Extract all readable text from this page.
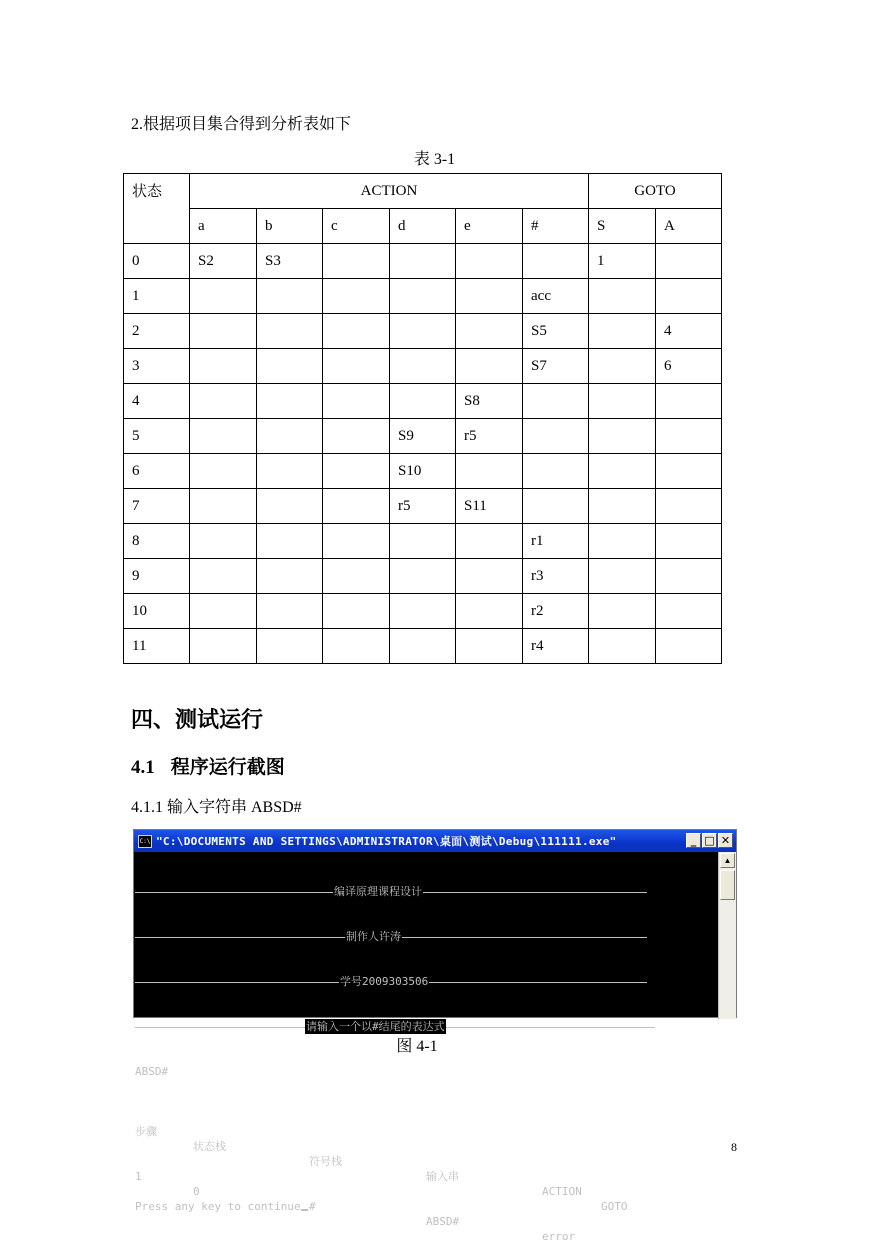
2.根据项目集合得到分析表如下
表 3-1
状态	ACTION						GOTO	
	a	b	c	d	e	#	S	A
0	S2	S3					1	
1						acc		
2						S5		4
3						S7		6
4					S8			
5				S9	r5			
6				S10				
7				r5	S11			
8						r1		
9						r3		
10						r2		
11						r4		
四、测试运行
4.1 程序运行截图
4.1.1 输入字符串 ABSD#
C:\ "C:\DOCUMENTS AND SETTINGS\ADMINISTRATOR\桌面\测试\Debug\111111.exe"	_ □ ✕

编译原理课程设计

制作人许涛

学号2009303506

请输入一个以#结尾的表达式

ABSD#

步骤

状态栈

符号栈

输入串

ACTION

GOTO

1

0

#

ABSD#

error

Press any key to continue

▲
图 4-1
8
